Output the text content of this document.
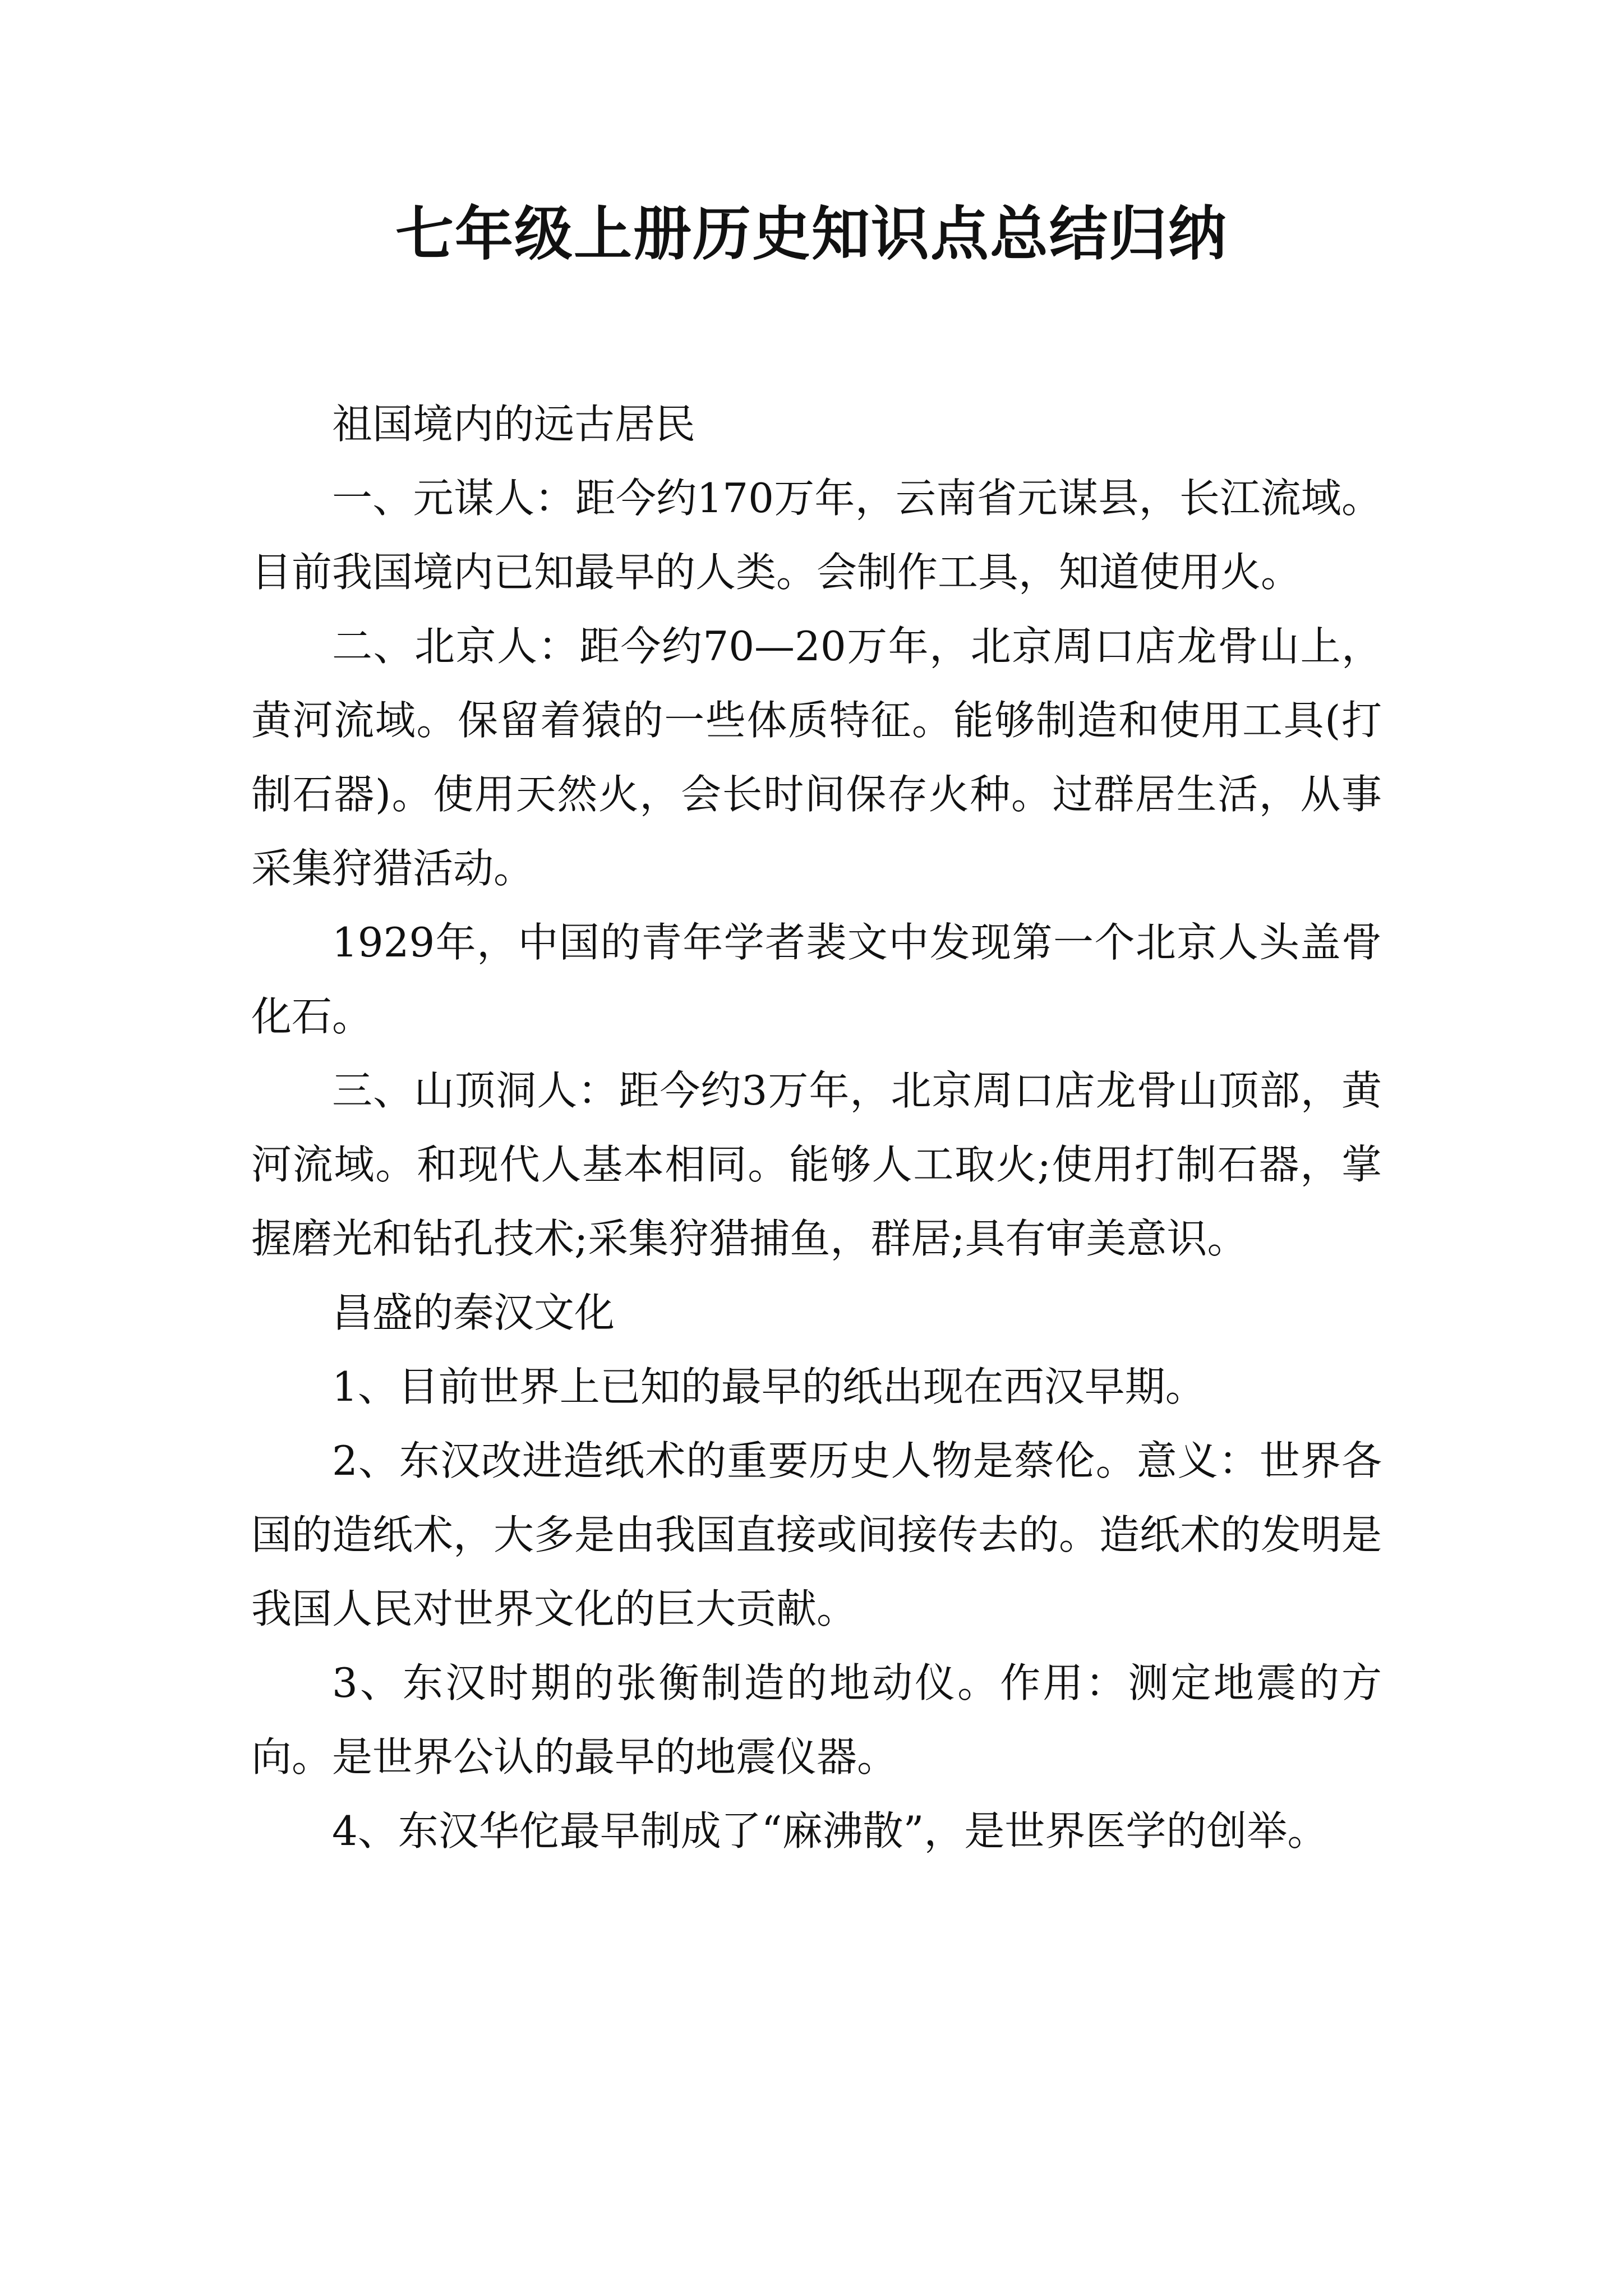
七年级上册历史知识点总结归纳

祖国境内的远古居民

一、元谋人：距今约170万年，云南省元谋县，长江流域。目前我国境内已知最早的人类。会制作工具，知道使用火。

二、北京人：距今约70—20万年，北京周口店龙骨山上，黄河流域。保留着猿的一些体质特征。能够制造和使用工具(打制石器)。使用天然火，会长时间保存火种。过群居生活，从事采集狩猎活动。

1929年，中国的青年学者裴文中发现第一个北京人头盖骨化石。

三、山顶洞人：距今约3万年，北京周口店龙骨山顶部，黄河流域。和现代人基本相同。能够人工取火;使用打制石器，掌握磨光和钻孔技术;采集狩猎捕鱼，群居;具有审美意识。

昌盛的秦汉文化

1、目前世界上已知的最早的纸出现在西汉早期。

2、东汉改进造纸术的重要历史人物是蔡伦。意义：世界各国的造纸术，大多是由我国直接或间接传去的。造纸术的发明是我国人民对世界文化的巨大贡献。

3、东汉时期的张衡制造的地动仪。作用：测定地震的方向。是世界公认的最早的地震仪器。

4、东汉华佗最早制成了“麻沸散”，是世界医学的创举。
